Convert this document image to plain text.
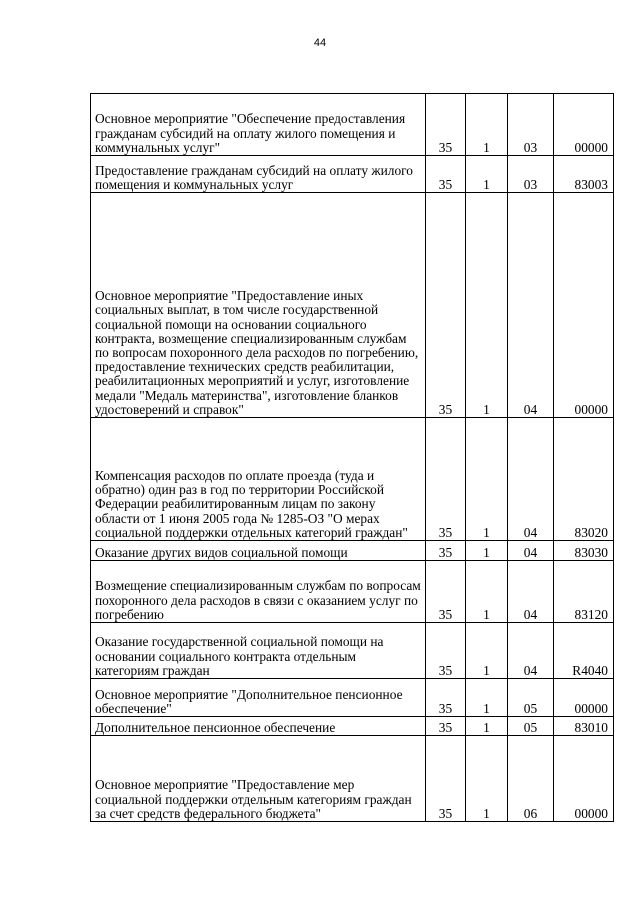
44
Основное мероприятие "Обеспечение предоставления гражданам субсидий на оплату жилого помещения и коммунальных услуг"	35	1	03	00000
Предоставление гражданам субсидий на оплату жилого помещения и коммунальных услуг	35	1	03	83003
Основное мероприятие "Предоставление иных социальных выплат, в том числе государственной социальной помощи на основании социального контракта, возмещение специализированным службам по вопросам похоронного дела расходов по погребению, предоставление технических средств реабилитации, реабилитационных мероприятий и услуг, изготовление медали "Медаль материнства", изготовление бланков удостоверений и справок"	35	1	04	00000
Компенсация расходов по оплате проезда (туда и обратно) один раз в год по территории Российской Федерации реабилитированным лицам по закону области от 1 июня 2005 года № 1285-ОЗ "О мерах социальной поддержки отдельных категорий граждан"	35	1	04	83020
Оказание других видов социальной помощи	35	1	04	83030
Возмещение специализированным службам по вопросам похоронного дела расходов в связи с оказанием услуг по погребению	35	1	04	83120
Оказание государственной социальной помощи на основании социального контракта отдельным категориям граждан	35	1	04	R4040
Основное мероприятие "Дополнительное пенсионное обеспечение"	35	1	05	00000
Дополнительное пенсионное обеспечение	35	1	05	83010
Основное мероприятие "Предоставление мер социальной поддержки отдельным категориям граждан за счет средств федерального бюджета"	35	1	06	00000
